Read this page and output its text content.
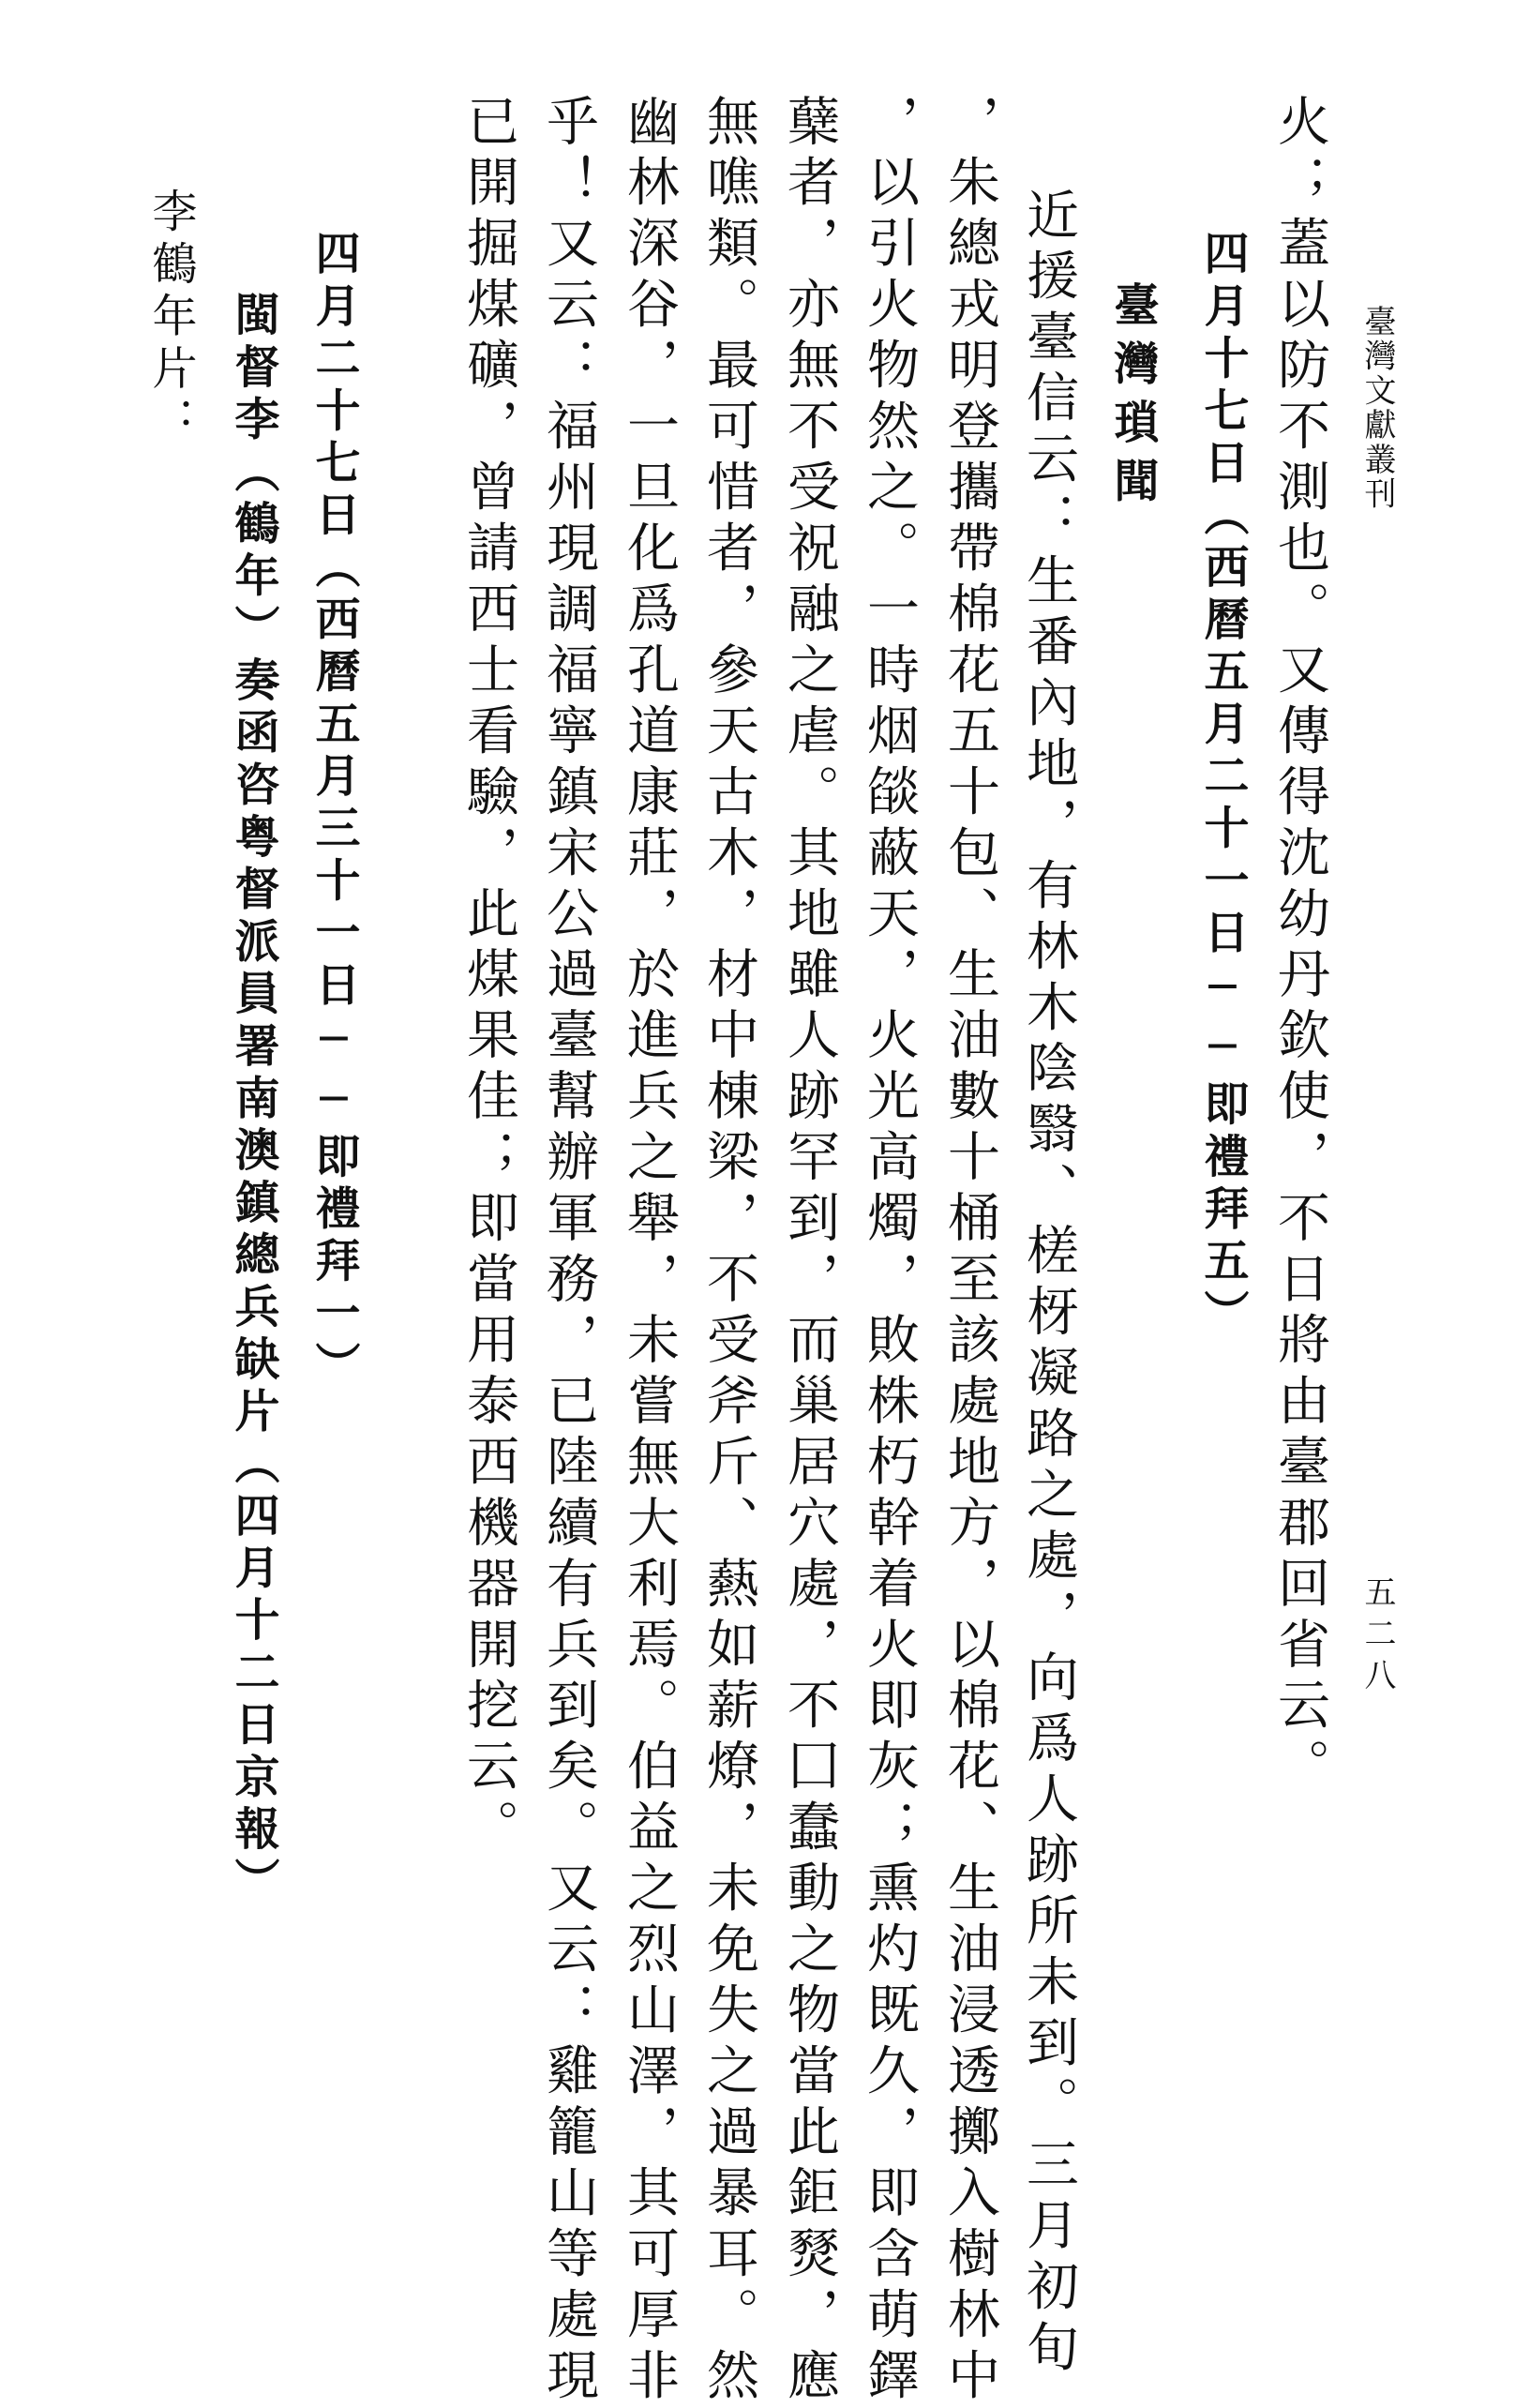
臺灣文獻叢刊
五二八
火；蓋以防不測也。又傳得沈幼丹欽使，不日將由臺郡回省云。
四月十七日（西曆五月二十一日──即禮拜五）
臺灣瑣聞
近援臺信云：生番內地，有林木陰翳、槎枒凝路之處，向爲人跡所未到。三月初旬
，朱總戎明登攜帶棉花五十包、生油數十桶至該處地方，以棉花、生油浸透擲入樹林中
，以引火物然之。一時烟燄蔽天，火光高燭，敗株朽幹着火即灰；熏灼既久，即含萌鐸
蘖者，亦無不受祝融之虐。其地雖人跡罕到，而巢居穴處，不囗蠢動之物當此鉅燹，應
無噍類。最可惜者，參天古木，材中棟梁，不受斧斤、爇如薪燎，未免失之過暴耳。然
幽林深谷，一旦化爲孔道康莊，於進兵之舉，未嘗無大利焉。伯益之烈山澤，其可厚非
乎！又云：福州現調福寧鎮宋公過臺幫辦軍務，已陸續有兵到矣。又云：雞籠山等處現
已開掘煤礦，曾請西士看驗，此煤果佳；即當用泰西機器開挖云。
四月二十七日（西曆五月三十一日──即禮拜一）
閩督李（鶴年）奏函咨粤督派員署南澳鎮總兵缺片（四月十二日京報）
李鶴年片：
